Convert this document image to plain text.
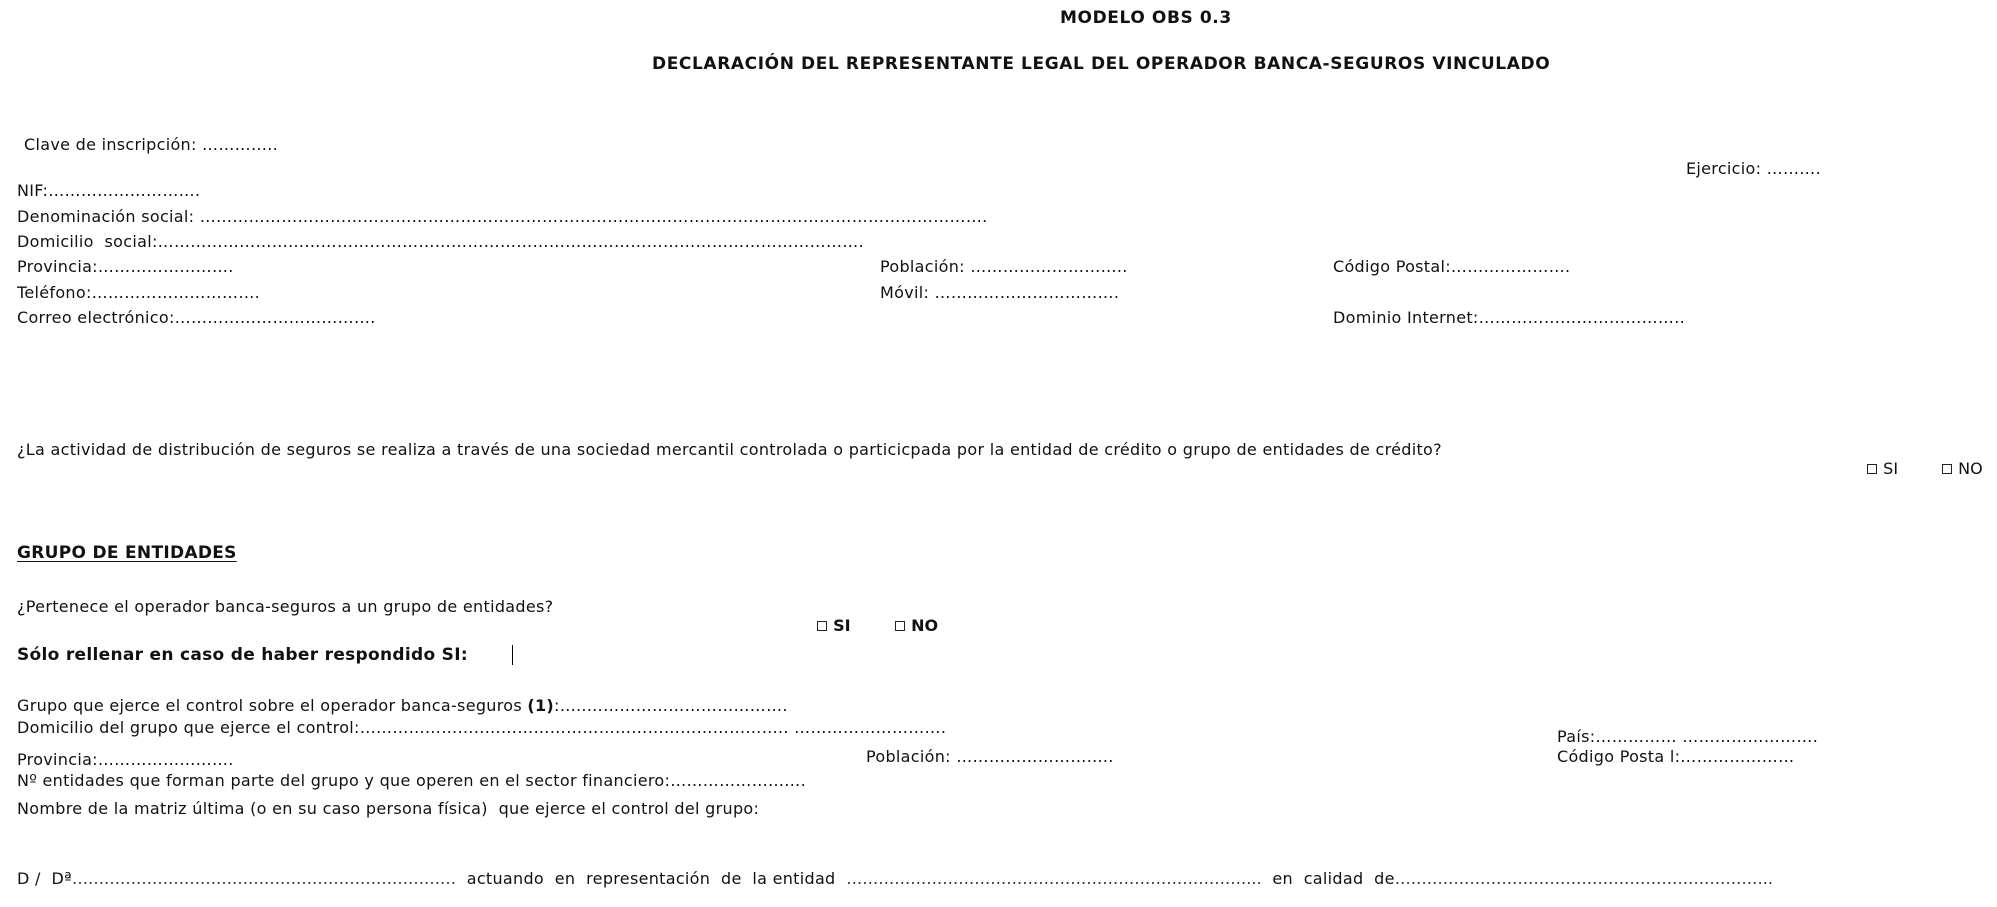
MODELO OBS 0.3
DECLARACIÓN DEL REPRESENTANTE LEGAL DEL OPERADOR BANCA-SEGUROS VINCULADO
Clave de inscripción: …………..
Ejercicio: ……….
NIF:……………………….
Denominación social: ……………………………………………………………………………………………………………………………….
Domicilio  social:………………………………………………………………………………………………………………….
Provincia:…………………….	Población: ………………………..	Código Postal:………………….
Teléfono:………………………….	Móvil: …………………………….
Correo electrónico:……………………………….	Dominio Internet:………………………………..
¿La actividad de distribución de seguros se realiza a través de una sociedad mercantil controlada o particicpada por la entidad de crédito o grupo de entidades de crédito?

SI	NO

GRUPO DE ENTIDADES
¿Pertenece el operador banca-seguros a un grupo de entidades?

SI	NO

Sólo rellenar en caso de haber respondido SI:
Grupo que ejerce el control sobre el operador banca-seguros (1):…..……………………………….
Domicilio del grupo que ejerce el control:…………………..……………………………………………….. ……………………….	País:…………… …………………….
Provincia:…………………….	Población: ………………………..	Código Posta l:…………………
Nº entidades que forman parte del grupo y que operen en el sector financiero:…………………….
Nombre de la matriz última (o en su caso persona física)  que ejerce el control del grupo:
D /  Dª………………………………………………………………  actuando  en  representación  de  la entidad  …………………………………………………………………...  en  calidad  de……………………………………………………………..
